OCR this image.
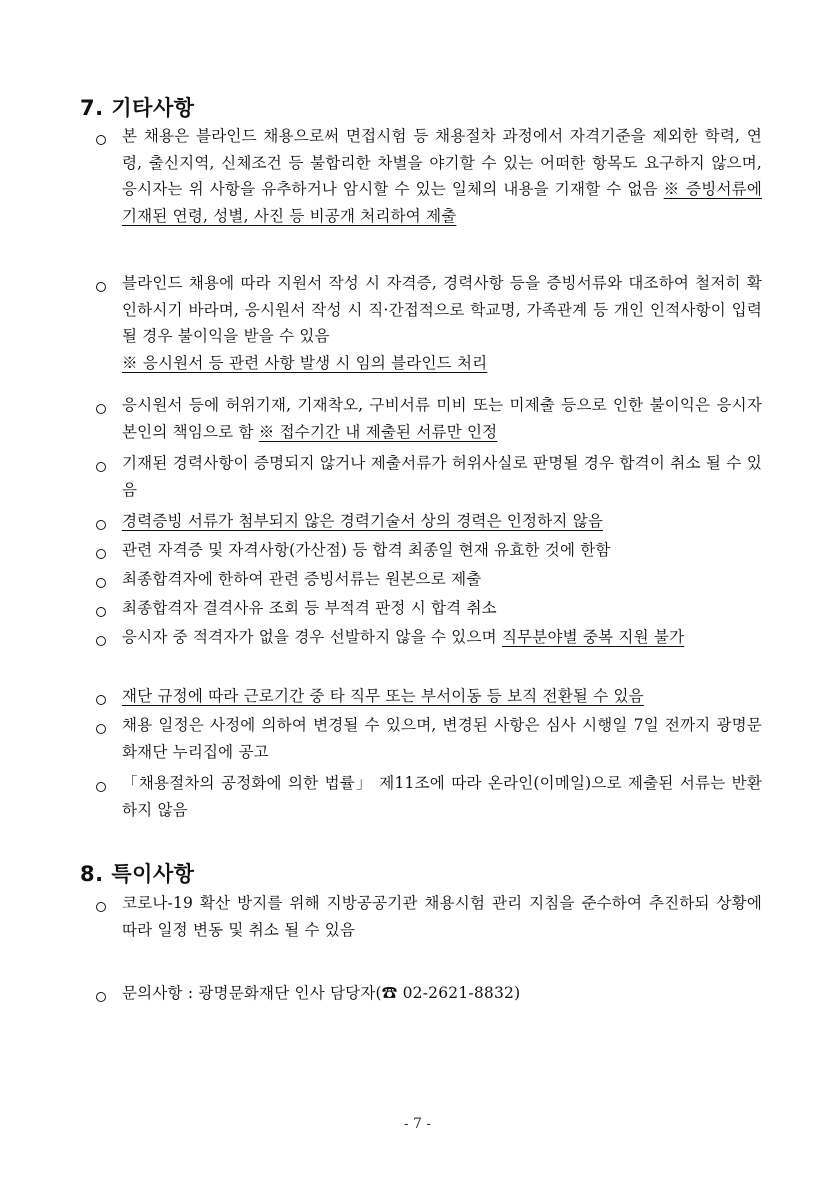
7. 기타사항
본 채용은 블라인드 채용으로써 면접시험 등 채용절차 과정에서 자격기준을 제외한 학력, 연령, 출신지역, 신체조건 등 불합리한 차별을 야기할 수 있는 어떠한 항목도 요구하지 않으며, 응시자는 위 사항을 유추하거나 암시할 수 있는 일체의 내용을 기재할 수 없음 ※ 증빙서류에 기재된 연령, 성별, 사진 등 비공개 처리하여 제출
블라인드 채용에 따라 지원서 작성 시 자격증, 경력사항 등을 증빙서류와 대조하여 철저히 확인하시기 바라며, 응시원서 작성 시 직·간접적으로 학교명, 가족관계 등 개인 인적사항이 입력 될 경우 불이익을 받을 수 있음
※ 응시원서 등 관련 사항 발생 시 임의 블라인드 처리
응시원서 등에 허위기재, 기재착오, 구비서류 미비 또는 미제출 등으로 인한 불이익은 응시자 본인의 책임으로 함 ※ 접수기간 내 제출된 서류만 인정
기재된 경력사항이 증명되지 않거나 제출서류가 허위사실로 판명될 경우 합격이 취소 될 수 있음
경력증빙 서류가 첨부되지 않은 경력기술서 상의 경력은 인정하지 않음
관련 자격증 및 자격사항(가산점) 등 합격 최종일 현재 유효한 것에 한함
최종합격자에 한하여 관련 증빙서류는 원본으로 제출
최종합격자 결격사유 조회 등 부적격 판정 시 합격 취소
응시자 중 적격자가 없을 경우 선발하지 않을 수 있으며 직무분야별 중복 지원 불가
재단 규정에 따라 근로기간 중 타 직무 또는 부서이동 등 보직 전환될 수 있음
채용 일정은 사정에 의하여 변경될 수 있으며, 변경된 사항은 심사 시행일 7일 전까지 광명문화재단 누리집에 공고
「채용절차의 공정화에 의한 법률」 제11조에 따라 온라인(이메일)으로 제출된 서류는 반환하지 않음
8. 특이사항
코로나-19 확산 방지를 위해 지방공공기관 채용시험 관리 지침을 준수하여 추진하되 상황에 따라 일정 변동 및 취소 될 수 있음
문의사항 : 광명문화재단 인사 담당자(☎ 02-2621-8832)
- 7 -
